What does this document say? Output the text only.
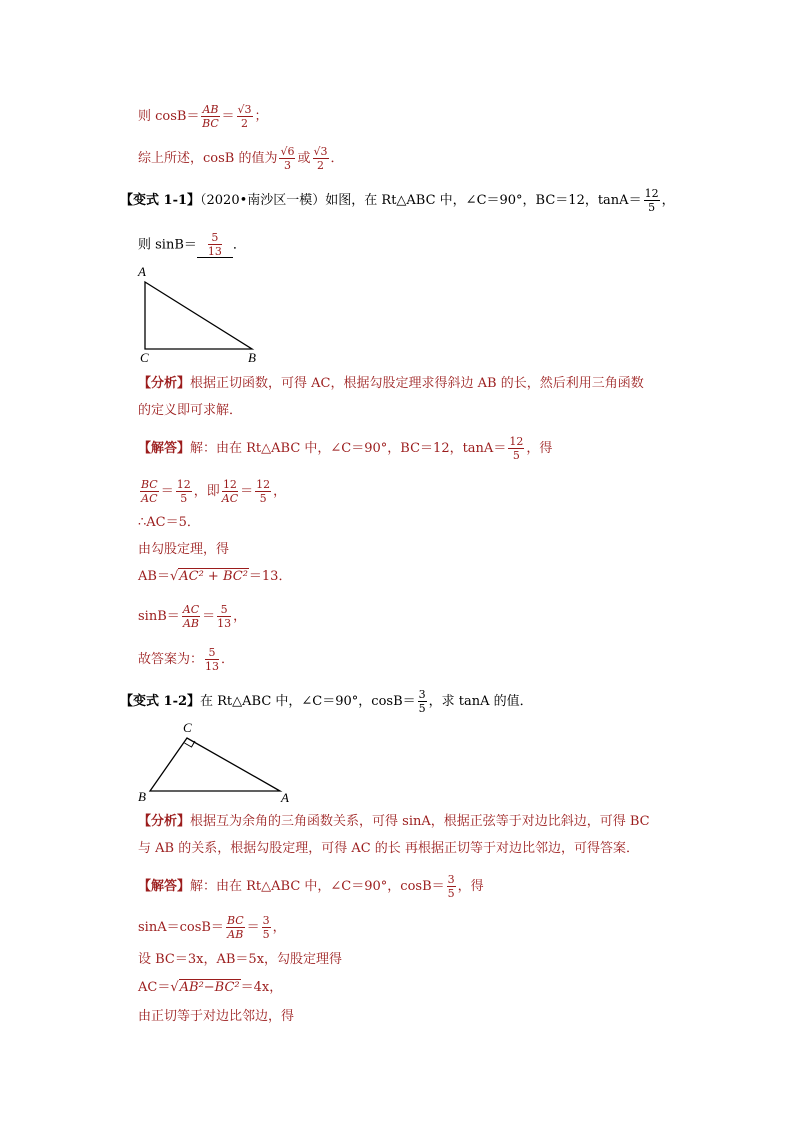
则 $\cos B= \frac{AB}{BC} = \frac{√3}{2}$ ；
综上所述，cosB 的值为 $\frac{√6}{3}$ 或 $\frac{√3}{2}$ ．
【变式 1-1】（2020•南沙区一模）如图，在 Rt△ABC 中，∠C＝90°，BC＝12，$\tan A= \frac{12}{5}$ ，
则 $\sin B= \frac{5}{13}$ ．
A
C	B
【分析】根据正切函数，可得 AC，根据勾股定理求得斜边 AB 的长，然后利用三角函数
的定义即可求解．
【解答】解：由在 Rt△ABC 中，∠C＝90°，BC＝12，$\tan A= \frac{12}{5}$ ，得
$\frac{BC}{AC} = \frac{12}{5}$ ，即 $\frac{12}{AC} = \frac{12}{5}$ ，
∴AC＝5．
由勾股定理，得
AB＝√AC² + BC²＝13．
$\sin B= \frac{AC}{AB} = \frac{5}{13}$ ，
故答案为： $\frac{5}{13}$ ．
【变式 1-2】在 Rt△ABC 中，∠C＝90°，$\cos B= \frac{3}{5}$ ，求 tanA 的值．
C
B	A
【分析】根据互为余角的三角函数关系，可得 sinA，根据正弦等于对边比斜边，可得 BC
与 AB 的关系，根据勾股定理，可得 AC 的长 再根据正切等于对边比邻边，可得答案．
【解答】解：由在 Rt△ABC 中，∠C＝90°，$\cos B= \frac{3}{5}$ ，得
$\sin A=\cos B= \frac{BC}{AB} = \frac{3}{5}$ ，
设 BC＝3x，AB＝5x，勾股定理得
AC＝√AB²−BC²＝4x，
由正切等于对边比邻边，得
